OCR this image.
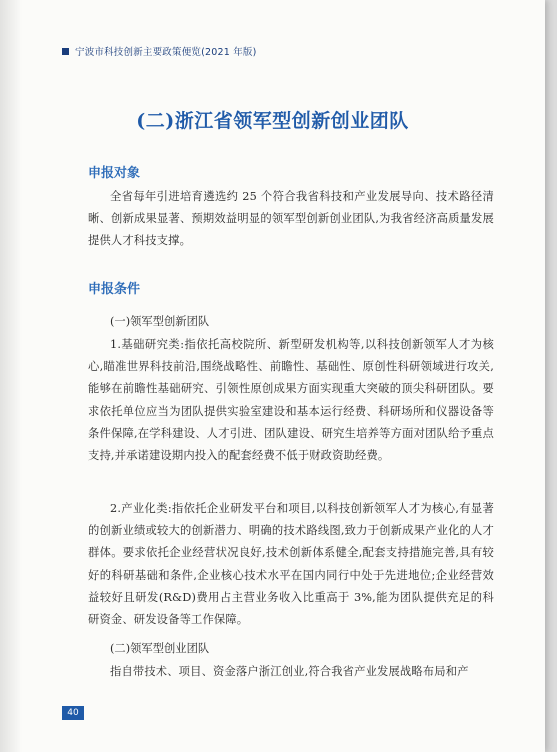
宁波市科技创新主要政策便览(2021 年版)
(二)浙江省领军型创新创业团队
申报对象
全省每年引进培育遴选约 25 个符合我省科技和产业发展导向、技术路径清晰、创新成果显著、预期效益明显的领军型创新创业团队,为我省经济高质量发展提供人才科技支撑。
申报条件
(一)领军型创新团队
1.基础研究类:指依托高校院所、新型研发机构等,以科技创新领军人才为核心,瞄准世界科技前沿,围绕战略性、前瞻性、基础性、原创性科研领域进行攻关,能够在前瞻性基础研究、引领性原创成果方面实现重大突破的顶尖科研团队。要求依托单位应当为团队提供实验室建设和基本运行经费、科研场所和仪器设备等条件保障,在学科建设、人才引进、团队建设、研究生培养等方面对团队给予重点支持,并承诺建设期内投入的配套经费不低于财政资助经费。
2.产业化类:指依托企业研发平台和项目,以科技创新领军人才为核心,有显著的创新业绩或较大的创新潜力、明确的技术路线图,致力于创新成果产业化的人才群体。要求依托企业经营状况良好,技术创新体系健全,配套支持措施完善,具有较好的科研基础和条件,企业核心技术水平在国内同行中处于先进地位;企业经营效益较好且研发(R&D)费用占主营业务收入比重高于 3%,能为团队提供充足的科研资金、研发设备等工作保障。
(二)领军型创业团队
指自带技术、项目、资金落户浙江创业,符合我省产业发展战略布局和产
40
